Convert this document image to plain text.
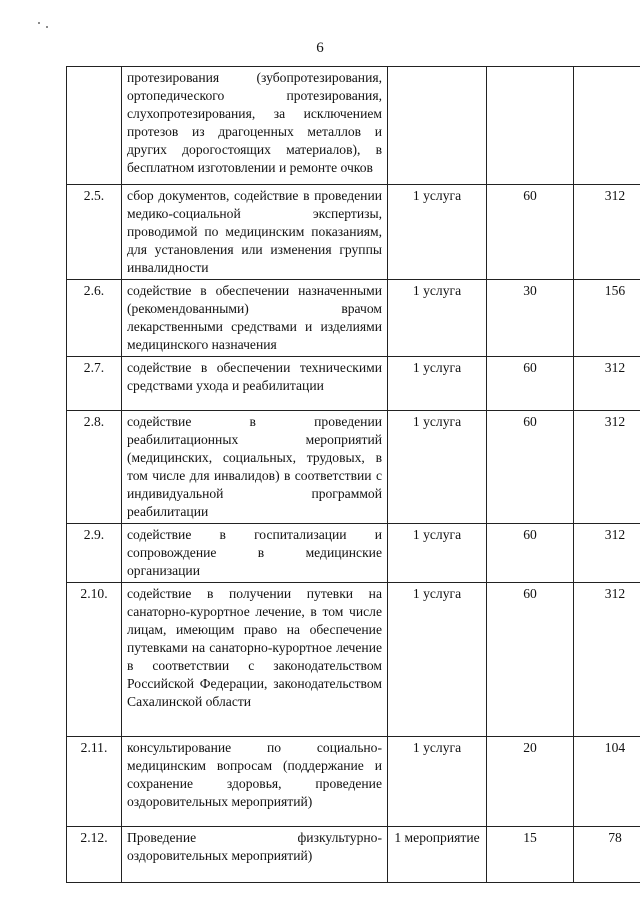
6
	протезирования (зубопротезирования, ортопедического протезирования, слухопротезирования, за исключением протезов из драгоценных металлов и других дорогостоящих материалов), в бесплатном изготовлении и ремонте очков			
2.5.	сбор документов, содействие в проведении медико-социальной экспертизы, проводимой по медицинским показаниям, для установления или изменения группы инвалидности	1 услуга	60	312
2.6.	содействие в обеспечении назначенными (рекомендованными) врачом лекарственными средствами и изделиями медицинского назначения	1 услуга	30	156
2.7.	содействие в обеспечении техническими средствами ухода и реабилитации	1 услуга	60	312
2.8.	содействие в проведении реабилитационных мероприятий (медицинских, социальных, трудовых, в том числе для инвалидов) в соответствии с индивидуальной программой реабилитации	1 услуга	60	312
2.9.	содействие в госпитализации и сопровождение в медицинские организации	1 услуга	60	312
2.10.	содействие в получении путевки на санаторно-курортное лечение, в том числе лицам, имеющим право на обеспечение путевками на санаторно-курортное лечение в соответствии с законодательством Российской Федерации, законодательством Сахалинской области	1 услуга	60	312
2.11.	консультирование по социально-медицинским вопросам (поддержание и сохранение здоровья, проведение оздоровительных мероприятий)	1 услуга	20	104
2.12.	Проведение физкультурно-оздоровительных мероприятий)	1 мероприятие	15	78
